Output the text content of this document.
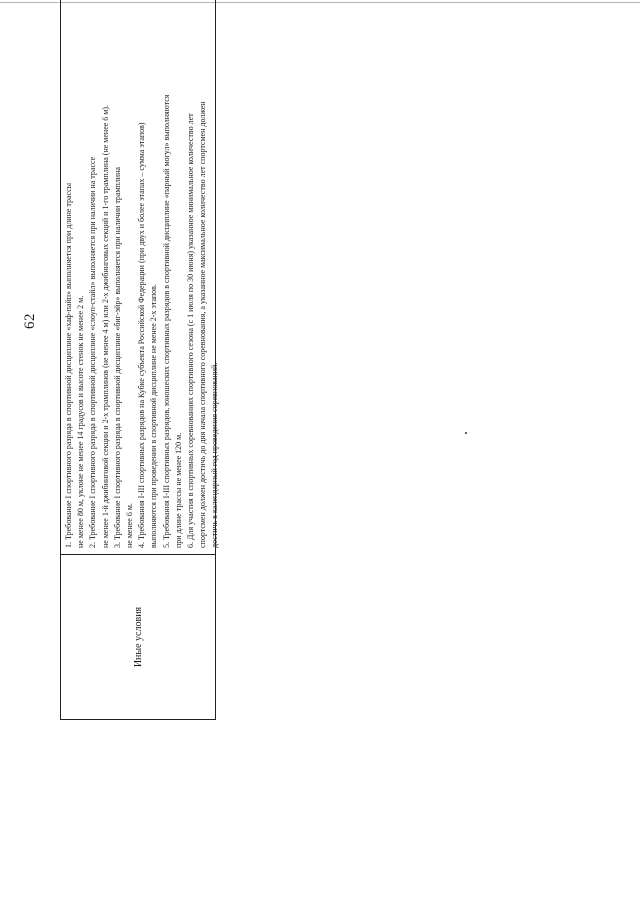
62
Иные условия
1. Требование I спортивного разряда в спортивной дисциплине «хаф-пайп» выполняется при длине трассы не менее 80 м, уклоне не менее 14 градусов и высоте стенок не менее 2 м. 2. Требование I спортивного разряда в спортивной дисциплине «слоуп-стайл» выполняется при наличии на трассе не менее 1-й джибинговой секции и 2-х трамплинов (не менее 4 м) или 2-х джибинговых секций и 1-го трамплина (не менее 6 м). 3. Требование I спортивного разряда в спортивной дисциплине «биг-эйр» выполняется при наличии трамплина не менее 6 м. 4. Требования I-III спортивных разрядов на Кубке субъекта Российской Федерации (при двух и более этапах – сумма этапов) выполняются при проведении в спортивной дисциплине не менее 2-х этапов. 5. Требования I-III спортивных разрядов, юношеских спортивных разрядов в спортивной дисциплине «парный могул» выполняются при длине трассы не менее 120 м. 6. Для участия в спортивных соревнованиях спортивного сезона (с 1 июля по 30 июня) указанное минимальное количество лет спортсмен должен достичь до дня начала спортивного соревнования, а указанное максимальное количество лет спортсмен должен достичь в календарный год проведения соревнований.
